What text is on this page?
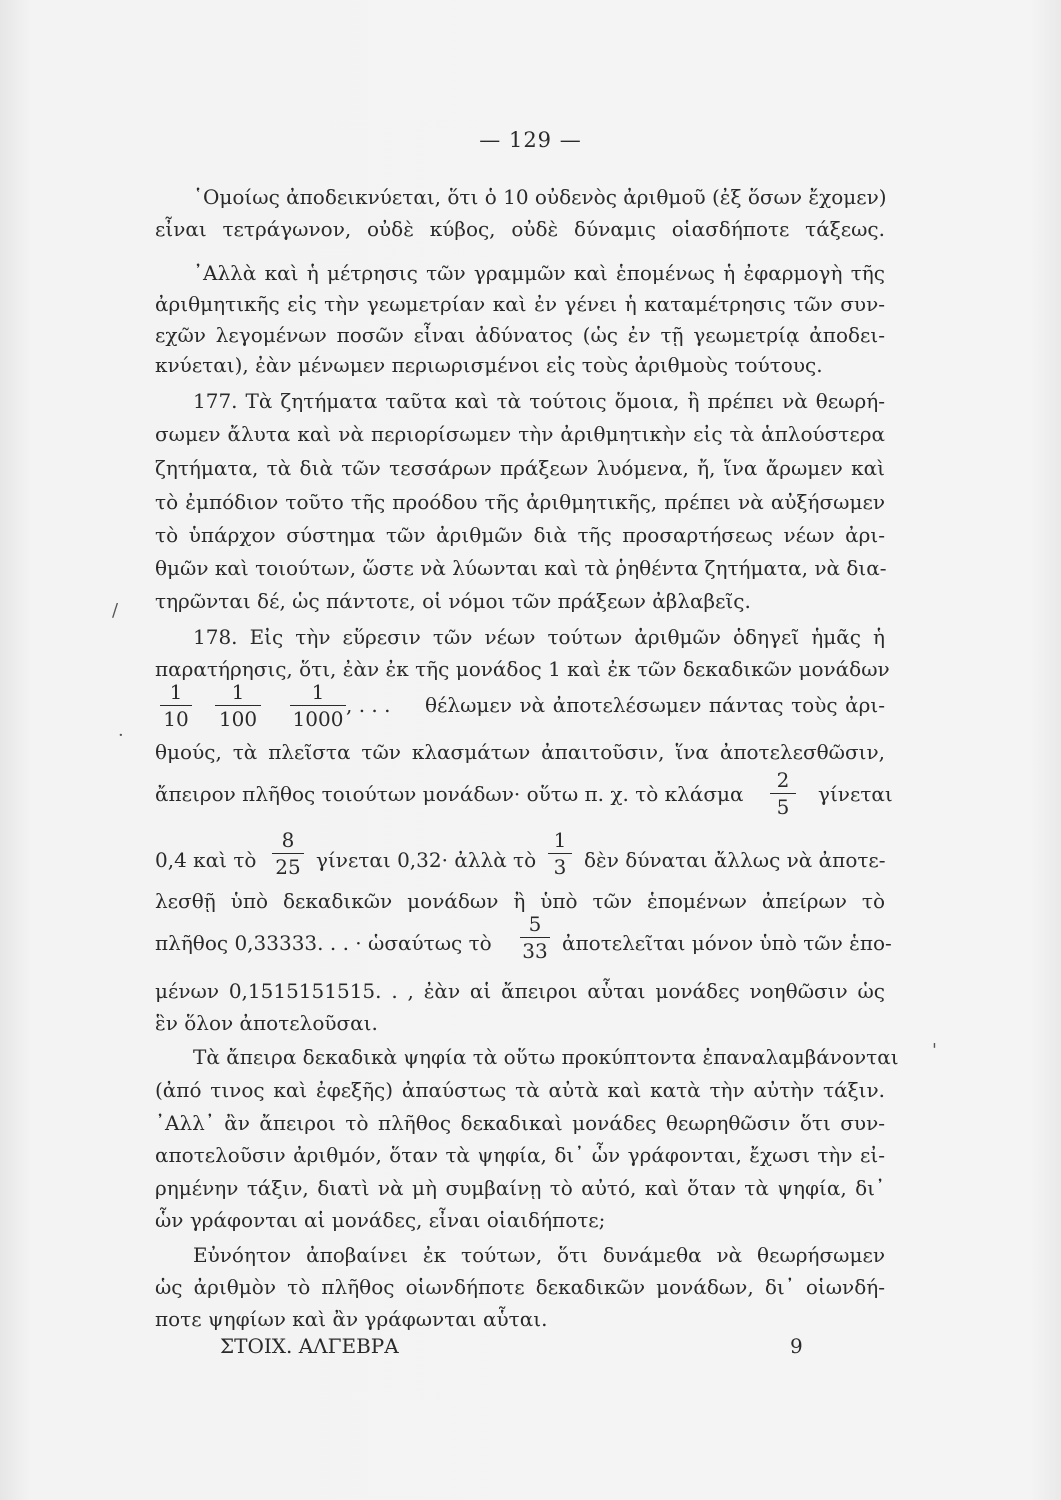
— 129 —
῾Ομοίως ἀποδεικνύεται, ὅτι ὁ 10 οὐδενὸς ἀριθμοῦ (ἐξ ὅσων ἔχομεν)
εἶναι τετράγωνον, οὐδὲ κύβος, οὐδὲ δύναμις οἱασδήποτε τάξεως.
᾿Αλλὰ καὶ ἡ μέτρησις τῶν γραμμῶν καὶ ἑπομένως ἡ ἐφαρμογὴ τῆς
ἀριθμητικῆς εἰς τὴν γεωμετρίαν καὶ ἐν γένει ἡ καταμέτρησις τῶν συν-
εχῶν λεγομένων ποσῶν εἶναι ἀδύνατος (ὡς ἐν τῇ γεωμετρίᾳ ἀποδει-
κνύεται), ἐὰν μένωμεν περιωρισμένοι εἰς τοὺς ἀριθμοὺς τούτους.
177. Τὰ ζητήματα ταῦτα καὶ τὰ τούτοις ὅμοια, ἢ πρέπει νὰ θεωρή-
σωμεν ἄλυτα καὶ νὰ περιορίσωμεν τὴν ἀριθμητικὴν εἰς τὰ ἁπλούστερα
ζητήματα, τὰ διὰ τῶν τεσσάρων πράξεων λυόμενα, ἤ, ἵνα ἄρωμεν καὶ
τὸ ἐμπόδιον τοῦτο τῆς προόδου τῆς ἀριθμητικῆς, πρέπει νὰ αὐξήσωμεν
τὸ ὑπάρχον σύστημα τῶν ἀριθμῶν διὰ τῆς προσαρτήσεως νέων ἀρι-
θμῶν καὶ τοιούτων, ὥστε νὰ λύωνται καὶ τὰ ῥηθέντα ζητήματα, νὰ δια-
τηρῶνται δέ, ὡς πάντοτε, οἱ νόμοι τῶν πράξεων ἀβλαβεῖς.
178. Εἰς τὴν εὕρεσιν τῶν νέων τούτων ἀριθμῶν ὁδηγεῖ ἡμᾶς ἡ
παρατήρησις, ὅτι, ἐὰν ἐκ τῆς μονάδος 1 καὶ ἐκ τῶν δεκαδικῶν μονάδων
1
10
1
100
1
1000
, . . . θέλωμεν νὰ ἀποτελέσωμεν πάντας τοὺς ἀρι-
θμούς, τὰ πλεῖστα τῶν κλασμάτων ἀπαιτοῦσιν, ἵνα ἀποτελεσθῶσιν,
ἄπειρον πλῆθος τοιούτων μονάδων· οὕτω π. χ. τὸ κλάσμα
2
5
γίνεται
0,4 καὶ τὸ
8
25 γίνεται 0,32· ἀλλὰ τὸ
1
3 δὲν δύναται ἄλλως νὰ ἀποτε-
λεσθῇ ὑπὸ δεκαδικῶν μονάδων ἢ ὑπὸ τῶν ἑπομένων ἀπείρων τὸ
πλῆθος 0,33333. . . · ὡσαύτως τὸ
5
33 ἀποτελεῖται μόνον ὑπὸ τῶν ἑπο-
μένων 0,1515151515. . , ἐὰν αἱ ἄπειροι αὗται μονάδες νοηθῶσιν ὡς
ἓν ὅλον ἀποτελοῦσαι.
Τὰ ἄπειρα δεκαδικὰ ψηφία τὰ οὕτω προκύπτοντα ἐπαναλαμβάνονται
(ἀπό τινος καὶ ἐφεξῆς) ἀπαύστως τὰ αὐτὰ καὶ κατὰ τὴν αὐτὴν τάξιν.
᾿Αλλ᾿ ἂν ἄπειροι τὸ πλῆθος δεκαδικαὶ μονάδες θεωρηθῶσιν ὅτι συν-
αποτελοῦσιν ἀριθμόν, ὅταν τὰ ψηφία, δι᾿ ὧν γράφονται, ἔχωσι τὴν εἰ-
ρημένην τάξιν, διατὶ νὰ μὴ συμβαίνῃ τὸ αὐτό, καὶ ὅταν τὰ ψηφία, δι᾿
ὧν γράφονται αἱ μονάδες, εἶναι οἱαιδήποτε;
Εὐνόητον ἀποβαίνει ἐκ τούτων, ὅτι δυνάμεθα νὰ θεωρήσωμεν
ὡς ἀριθμὸν τὸ πλῆθος οἱωνδήποτε δεκαδικῶν μονάδων, δι᾿ οἱωνδή-
ποτε ψηφίων καὶ ἂν γράφωνται αὗται.
ΣΤΟΙΧ. ΑΛΓΕΒΡΑ	9
/
·
'
